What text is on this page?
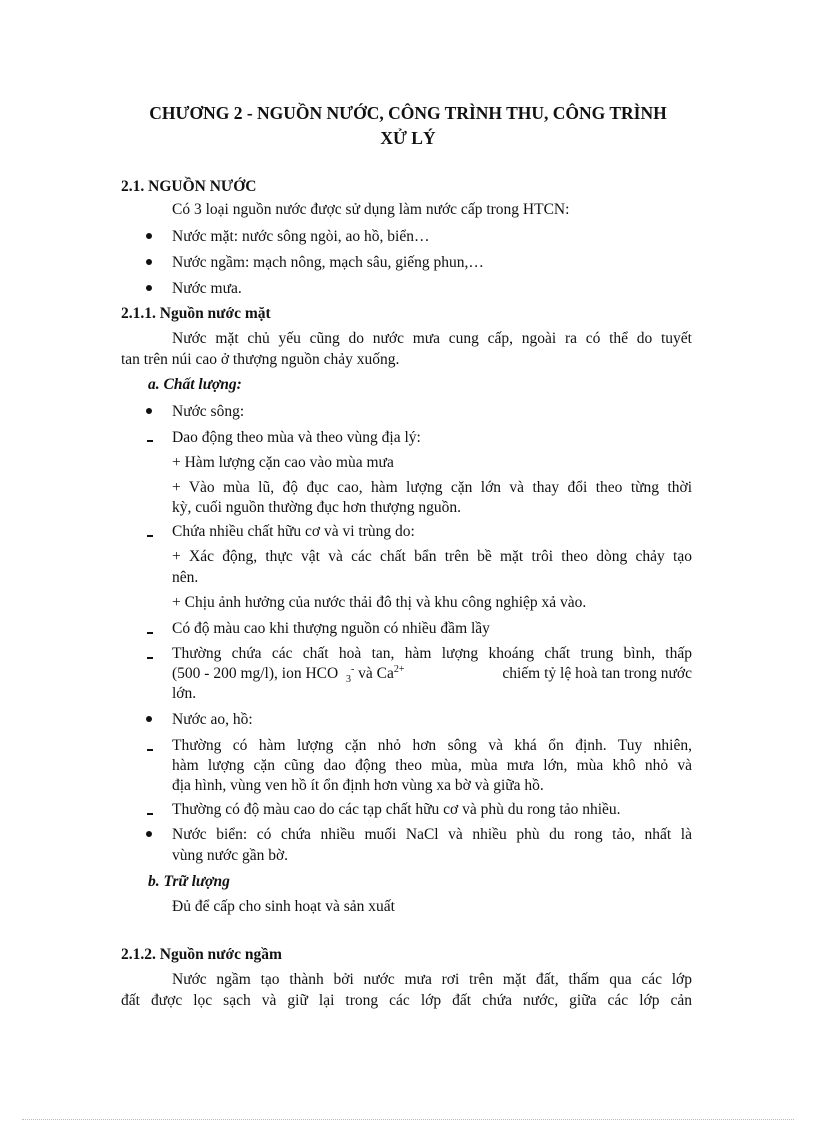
CHƯƠNG 2 - NGUỒN NƯỚC, CÔNG TRÌNH THU, CÔNG TRÌNH
XỬ LÝ
2.1. NGUỒN NƯỚC
Có 3 loại nguồn nước được sử dụng làm nước cấp trong HTCN:
Nước mặt: nước sông ngòi, ao hồ, biển…
Nước ngầm: mạch nông, mạch sâu, giếng phun,…
Nước mưa.
2.1.1. Nguồn nước mặt
Nước mặt chủ yếu cũng do nước mưa cung cấp, ngoài ra có thể do tuyết
tan trên núi cao ở thượng nguồn chảy xuống.
a. Chất lượng:
Nước sông:
Dao động theo mùa và theo vùng địa lý:
+ Hàm lượng cặn cao vào mùa mưa
+ Vào mùa lũ, độ đục cao, hàm lượng cặn lớn và thay đổi theo từng thời
kỳ, cuối nguồn thường đục hơn thượng nguồn.
Chứa nhiều chất hữu cơ và vi trùng do:
+ Xác động, thực vật và các chất bẩn trên bề mặt trôi theo dòng chảy tạo
nên.
+ Chịu ảnh hưởng của nước thải đô thị và khu công nghiệp xả vào.
Có độ màu cao khi thượng nguồn có nhiều đầm lầy
Thường chứa các chất hoà tan, hàm lượng khoáng chất trung bình, thấp
(500 - 200 mg/l), ion HCO $_3$- và $Ca^{2+}$	chiếm tỷ lệ hoà tan trong nước
lớn.
Nước ao, hồ:
Thường có hàm lượng cặn nhỏ hơn sông và khá ổn định. Tuy nhiên,
hàm lượng cặn cũng dao động theo mùa, mùa mưa lớn, mùa khô nhỏ và
địa hình, vùng ven hồ ít ổn định hơn vùng xa bờ và giữa hồ.
Thường có độ màu cao do các tạp chất hữu cơ và phù du rong tảo nhiều.
Nước biển: có chứa nhiều muối NaCl và nhiều phù du rong tảo, nhất là
vùng nước gần bờ.
b. Trữ lượng
Đủ để cấp cho sinh hoạt và sản xuất
2.1.2. Nguồn nước ngầm
Nước ngầm tạo thành bởi nước mưa rơi trên mặt đất, thấm qua các lớp
đất được lọc sạch và giữ lại trong các lớp đất chứa nước, giữa các lớp cản
